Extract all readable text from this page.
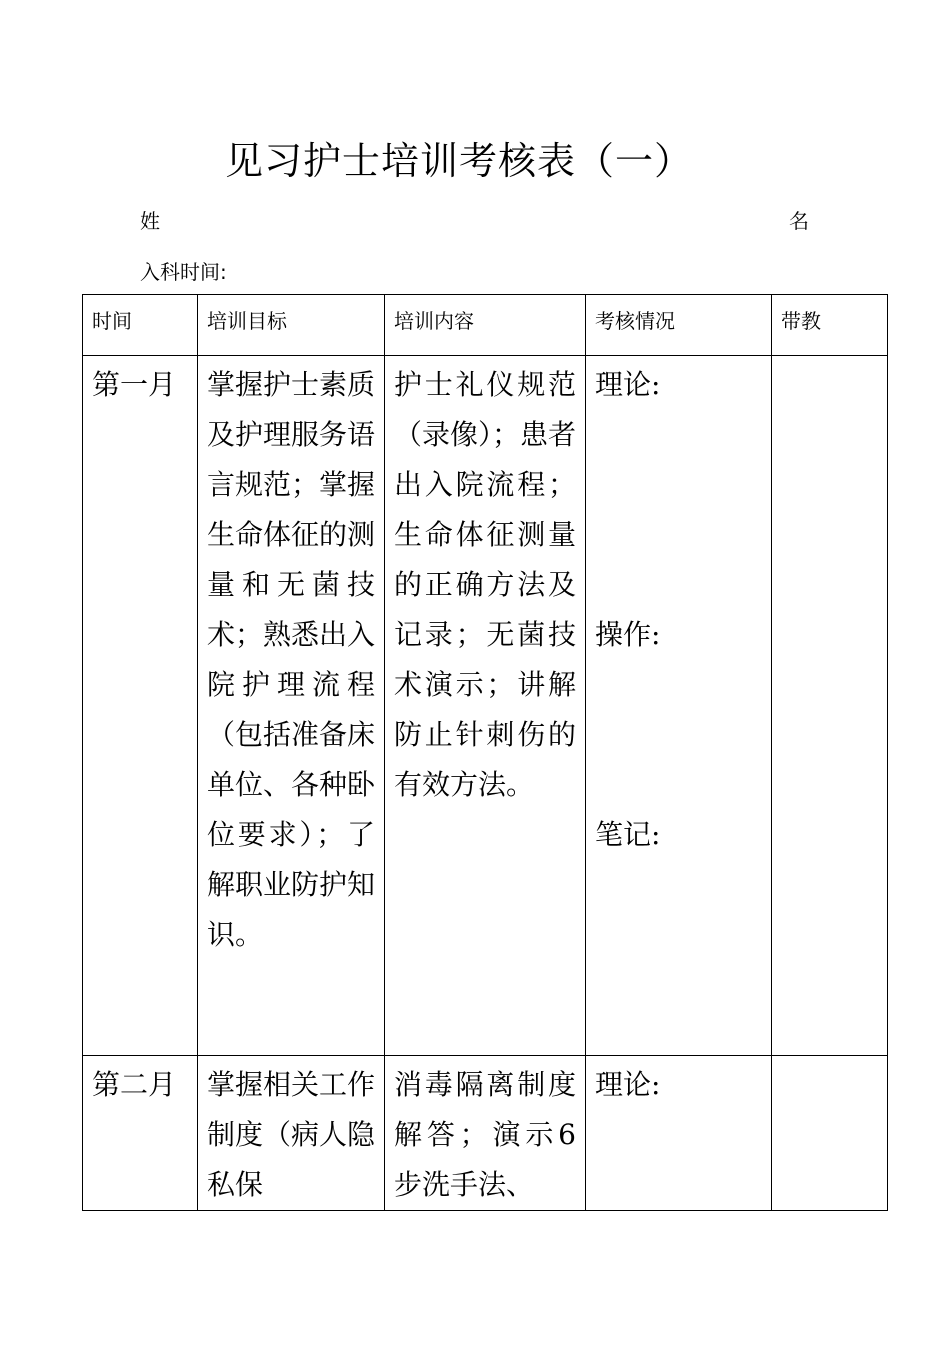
见习护士培训考核表（一）
姓	名
入科时间:
时间	培训目标	培训内容	考核情况	带教

第一月	掌握护士素质及护理服务语言规范；掌握生命体征的测量和无菌技术；熟悉出入院护理流程（包括准备床单位、各种卧位要求）；了解职业防护知识。	护士礼仪规范（录像）；患者出入院流程；生命体征测量的正确方法及记录；无菌技术演示；讲解防止针刺伤的有效方法。	理论:
操作:
笔记:	

第二月	掌握相关工作制度（病人隐私保	消毒隔离制度解答；演示6步洗手法、	理论:	
